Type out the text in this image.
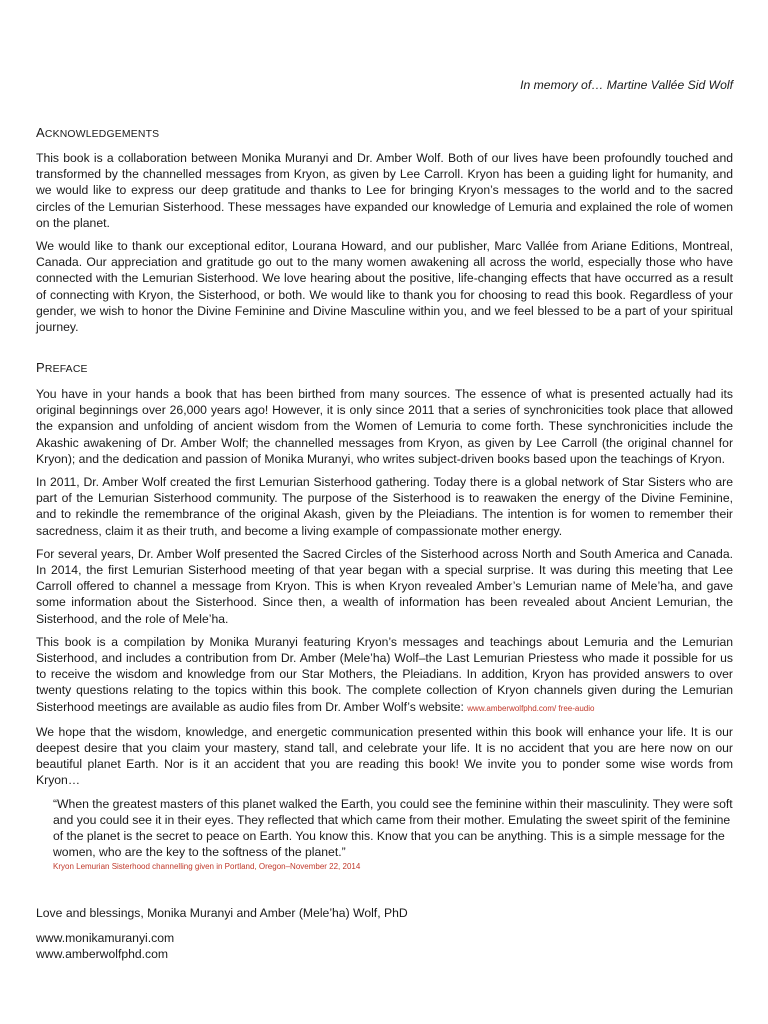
In memory of… Martine Vallée Sid Wolf
ACKNOWLEDGEMENTS

This book is a collaboration between Monika Muranyi and Dr. Amber Wolf. Both of our lives have been profoundly touched and transformed by the channelled messages from Kryon, as given by Lee Carroll. Kryon has been a guiding light for humanity, and we would like to express our deep gratitude and thanks to Lee for bringing Kryon’s messages to the world and to the sacred circles of the Lemurian Sisterhood. These messages have expanded our knowledge of Lemuria and explained the role of women on the planet.

We would like to thank our exceptional editor, Lourana Howard, and our publisher, Marc Vallée from Ariane Editions, Montreal, Canada. Our appreciation and gratitude go out to the many women awakening all across the world, especially those who have connected with the Lemurian Sisterhood. We love hearing about the positive, life-changing effects that have occurred as a result of connecting with Kryon, the Sisterhood, or both. We would like to thank you for choosing to read this book. Regardless of your gender, we wish to honor the Divine Feminine and Divine Masculine within you, and we feel blessed to be a part of your spiritual journey.

PREFACE

You have in your hands a book that has been birthed from many sources. The essence of what is presented actually had its original beginnings over 26,000 years ago! However, it is only since 2011 that a series of synchronicities took place that allowed the expansion and unfolding of ancient wisdom from the Women of Lemuria to come forth. These synchronicities include the Akashic awakening of Dr. Amber Wolf; the channelled messages from Kryon, as given by Lee Carroll (the original channel for Kryon); and the dedication and passion of Monika Muranyi, who writes subject-driven books based upon the teachings of Kryon.

In 2011, Dr. Amber Wolf created the first Lemurian Sisterhood gathering. Today there is a global network of Star Sisters who are part of the Lemurian Sisterhood community. The purpose of the Sisterhood is to reawaken the energy of the Divine Feminine, and to rekindle the remembrance of the original Akash, given by the Pleiadians. The intention is for women to remember their sacredness, claim it as their truth, and become a living example of compassionate mother energy.

For several years, Dr. Amber Wolf presented the Sacred Circles of the Sisterhood across North and South America and Canada. In 2014, the first Lemurian Sisterhood meeting of that year began with a special surprise. It was during this meeting that Lee Carroll offered to channel a message from Kryon. This is when Kryon revealed Amber’s Lemurian name of Mele’ha, and gave some information about the Sisterhood. Since then, a wealth of information has been revealed about Ancient Lemurian, the Sisterhood, and the role of Mele’ha.

This book is a compilation by Monika Muranyi featuring Kryon’s messages and teachings about Lemuria and the Lemurian Sisterhood, and includes a contribution from Dr. Amber (Mele’ha) Wolf–the Last Lemurian Priestess who made it possible for us to receive the wisdom and knowledge from our Star Mothers, the Pleiadians. In addition, Kryon has provided answers to over twenty questions relating to the topics within this book. The complete collection of Kryon channels given during the Lemurian Sisterhood meetings are available as audio files from Dr. Amber Wolf’s website: www.amberwolfphd.com/ free-audio

We hope that the wisdom, knowledge, and energetic communication presented within this book will enhance your life. It is our deepest desire that you claim your mastery, stand tall, and celebrate your life. It is no accident that you are here now on our beautiful planet Earth. Nor is it an accident that you are reading this book! We invite you to ponder some wise words from Kryon…

“When the greatest masters of this planet walked the Earth, you could see the feminine within their masculinity. They were soft and you could see it in their eyes. They reflected that which came from their mother. Emulating the sweet spirit of the feminine of the planet is the secret to peace on Earth. You know this. Know that you can be anything. This is a simple message for the women, who are the key to the softness of the planet.”

Kryon Lemurian Sisterhood channelling given in Portland, Oregon–November 22, 2014
Love and blessings, Monika Muranyi and Amber (Mele’ha) Wolf, PhD
www.monikamuranyi.com
www.amberwolfphd.com
